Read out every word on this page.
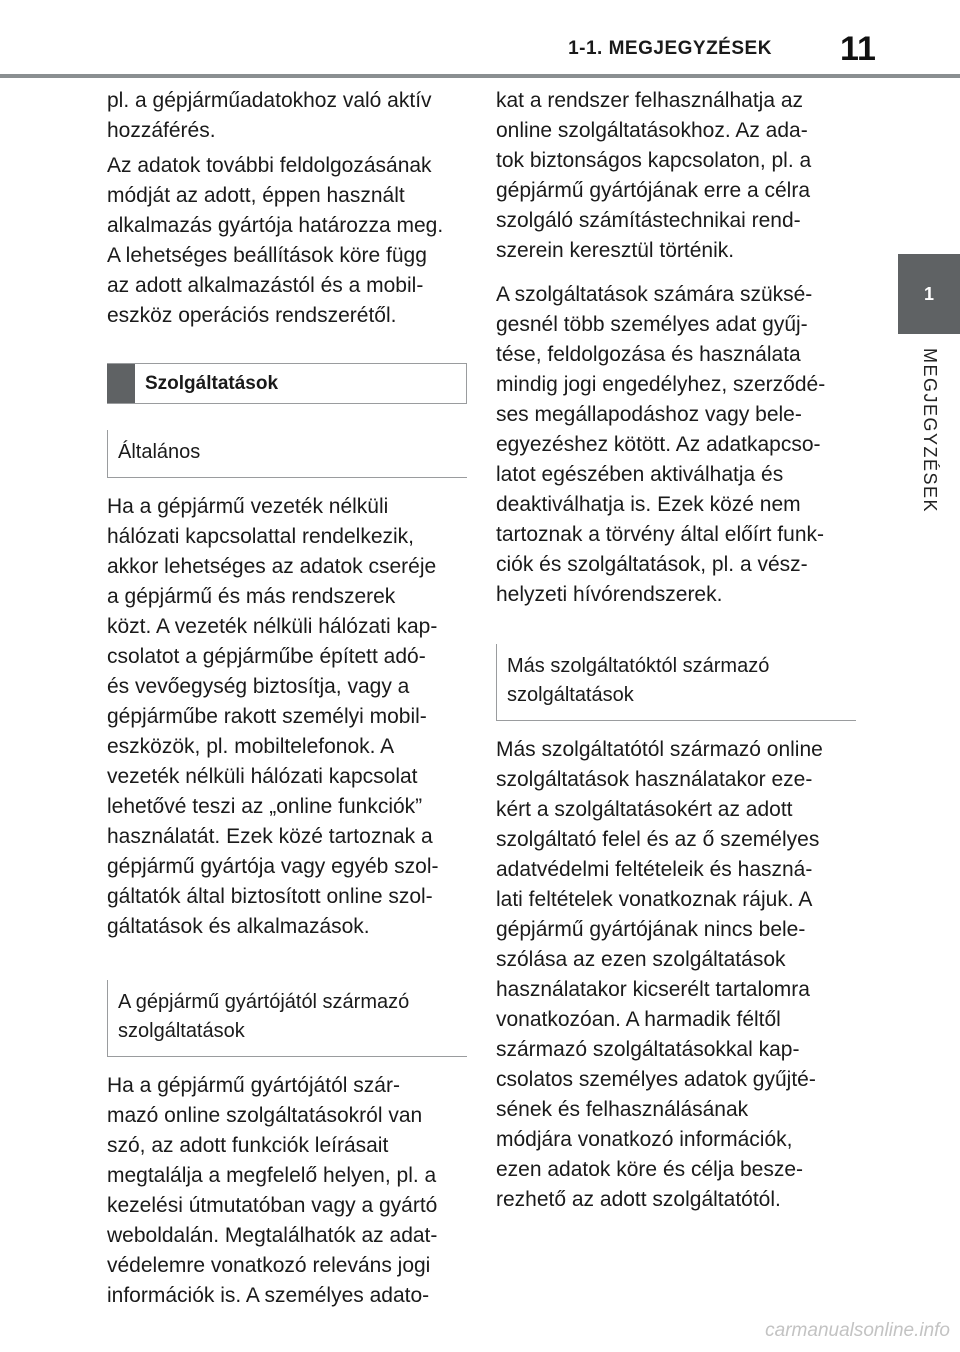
1-1. MEGJEGYZÉSEK	11
1
MEGJEGYZÉSEK

pl. a gépjárműadatokhoz való aktív
hozzáférés.

Az adatok további feldolgozásának
módját az adott, éppen használt
alkalmazás gyártója határozza meg.
A lehetséges beállítások köre függ
az adott alkalmazástól és a mobil-
eszköz operációs rendszerétől.

Szolgáltatások
Általános

Ha a gépjármű vezeték nélküli
hálózati kapcsolattal rendelkezik,
akkor lehetséges az adatok cseréje
a gépjármű és más rendszerek
közt. A vezeték nélküli hálózati kap-
csolatot a gépjárműbe épített adó-
és vevőegység biztosítja, vagy a
gépjárműbe rakott személyi mobil-
eszközök, pl. mobiltelefonok. A
vezeték nélküli hálózati kapcsolat
lehetővé teszi az „online funkciók”
használatát. Ezek közé tartoznak a
gépjármű gyártója vagy egyéb szol-
gáltatók által biztosított online szol-
gáltatások és alkalmazások.

A gépjármű gyártójától származó
szolgáltatások

Ha a gépjármű gyártójától szár-
mazó online szolgáltatásokról van
szó, az adott funkciók leírásait
megtalálja a megfelelő helyen, pl. a
kezelési útmutatóban vagy a gyártó
weboldalán. Megtalálhatók az adat-
védelemre vonatkozó releváns jogi
információk is. A személyes adato-

kat a rendszer felhasználhatja az
online szolgáltatásokhoz. Az ada-
tok biztonságos kapcsolaton, pl. a
gépjármű gyártójának erre a célra
szolgáló számítástechnikai rend-
szerein keresztül történik.

A szolgáltatások számára szüksé-
gesnél több személyes adat gyűj-
tése, feldolgozása és használata
mindig jogi engedélyhez, szerződé-
ses megállapodáshoz vagy bele-
egyezéshez kötött. Az adatkapcso-
latot egészében aktiválhatja és
deaktiválhatja is. Ezek közé nem
tartoznak a törvény által előírt funk-
ciók és szolgáltatások, pl. a vész-
helyzeti hívórendszerek.

Más szolgáltatóktól származó
szolgáltatások

Más szolgáltatótól származó online
szolgáltatások használatakor eze-
kért a szolgáltatásokért az adott
szolgáltató felel és az ő személyes
adatvédelmi feltételeik és haszná-
lati feltételek vonatkoznak rájuk. A
gépjármű gyártójának nincs bele-
szólása az ezen szolgáltatások
használatakor kicserélt tartalomra
vonatkozóan. A harmadik féltől
származó szolgáltatásokkal kap-
csolatos személyes adatok gyűjté-
sének és felhasználásának
módjára vonatkozó információk,
ezen adatok köre és célja besze-
rezhető az adott szolgáltatótól.

carmanualsonline.info
